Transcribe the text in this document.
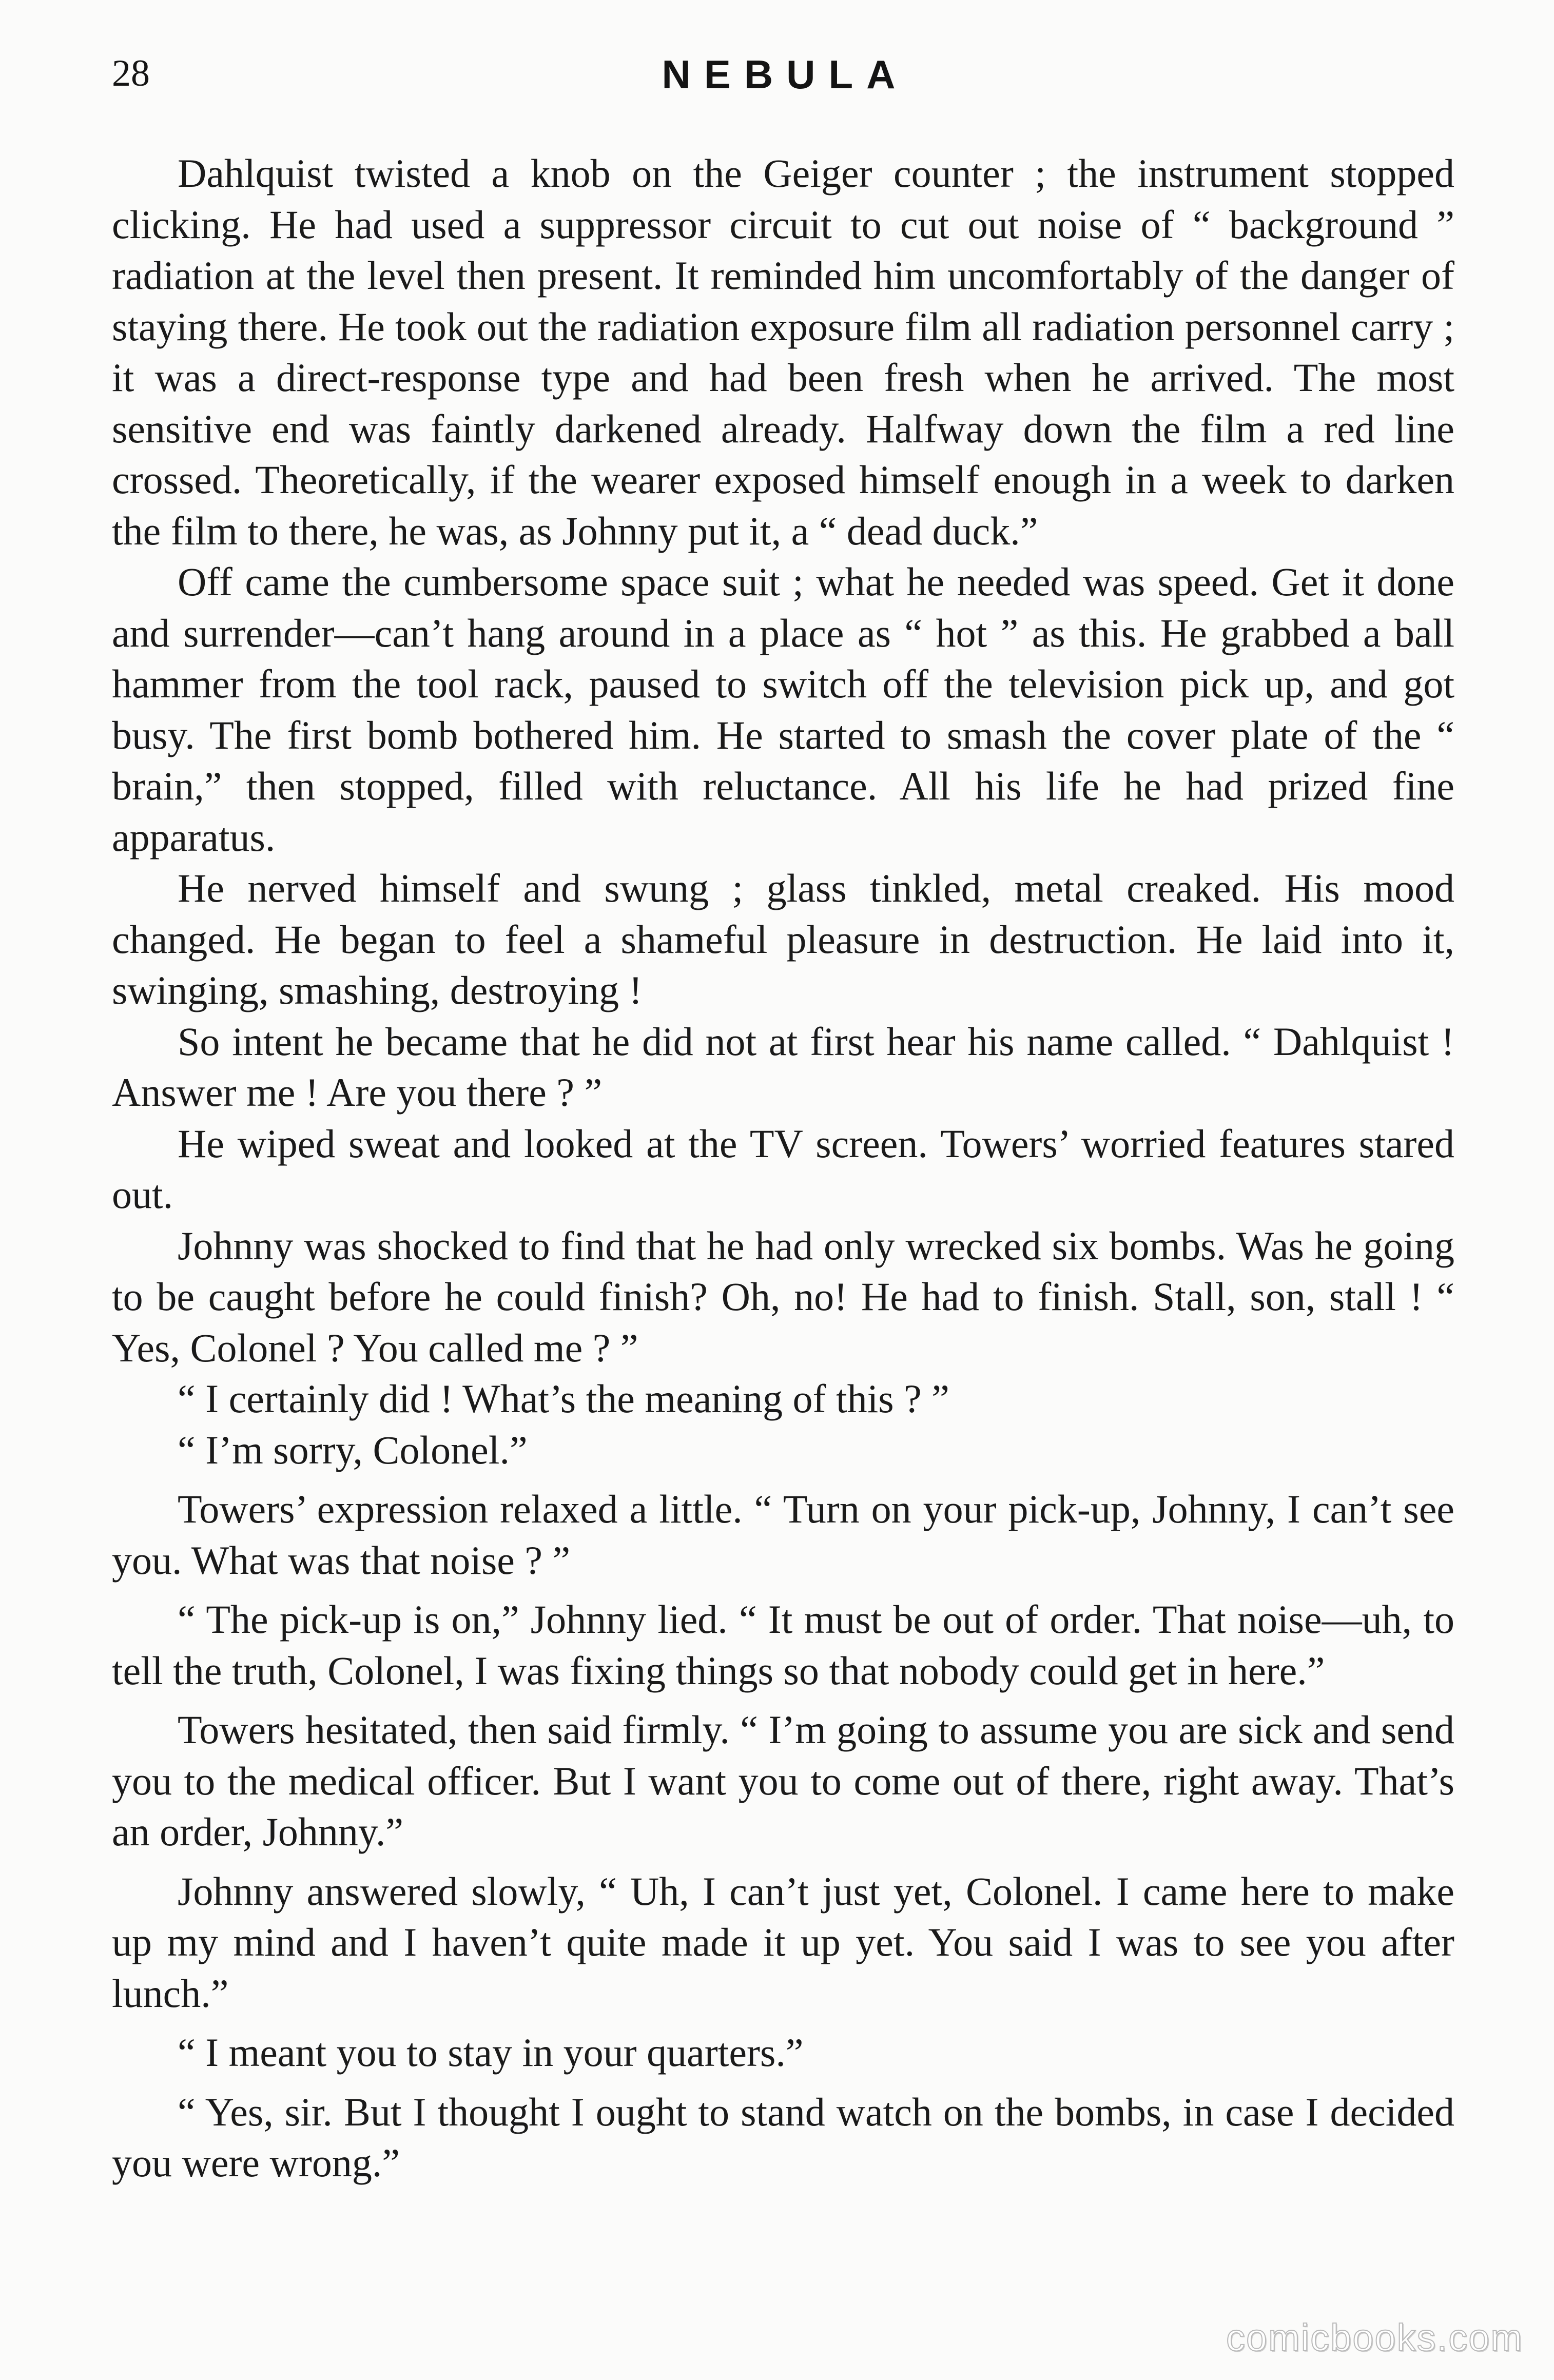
28	NEBULA

Dahlquist twisted a knob on the Geiger counter ; the instrument stopped clicking. He had used a suppressor circuit to cut out noise of “ background ” radiation at the level then present. It reminded him uncomfortably of the danger of staying there. He took out the radiation exposure film all radiation personnel carry ; it was a direct-response type and had been fresh when he arrived. The most sensitive end was faintly darkened already. Halfway down the film a red line crossed. Theoretically, if the wearer exposed himself enough in a week to darken the film to there, he was, as Johnny put it, a “ dead duck.”

Off came the cumbersome space suit ; what he needed was speed. Get it done and surrender—can’t hang around in a place as “ hot ” as this. He grabbed a ball hammer from the tool rack, paused to switch off the television pick up, and got busy. The first bomb bothered him. He started to smash the cover plate of the “ brain,” then stopped, filled with reluctance. All his life he had prized fine apparatus.

He nerved himself and swung ; glass tinkled, metal creaked. His mood changed. He began to feel a shameful pleasure in destruction. He laid into it, swinging, smashing, destroying !

So intent he became that he did not at first hear his name called. “ Dahlquist ! Answer me ! Are you there ? ”

He wiped sweat and looked at the TV screen. Towers’ worried features stared out.

Johnny was shocked to find that he had only wrecked six bombs. Was he going to be caught before he could finish? Oh, no! He had to finish. Stall, son, stall ! “ Yes, Colonel ? You called me ? ”

“ I certainly did ! What’s the meaning of this ? ”

“ I’m sorry, Colonel.”

Towers’ expression relaxed a little. “ Turn on your pick-up, Johnny, I can’t see you. What was that noise ? ”

“ The pick-up is on,” Johnny lied. “ It must be out of order. That noise—uh, to tell the truth, Colonel, I was fixing things so that nobody could get in here.”

Towers hesitated, then said firmly. “ I’m going to assume you are sick and send you to the medical officer. But I want you to come out of there, right away. That’s an order, Johnny.”

Johnny answered slowly, “ Uh, I can’t just yet, Colonel. I came here to make up my mind and I haven’t quite made it up yet. You said I was to see you after lunch.”

“ I meant you to stay in your quarters.”

“ Yes, sir. But I thought I ought to stand watch on the bombs, in case I decided you were wrong.”

comicbooks.com
